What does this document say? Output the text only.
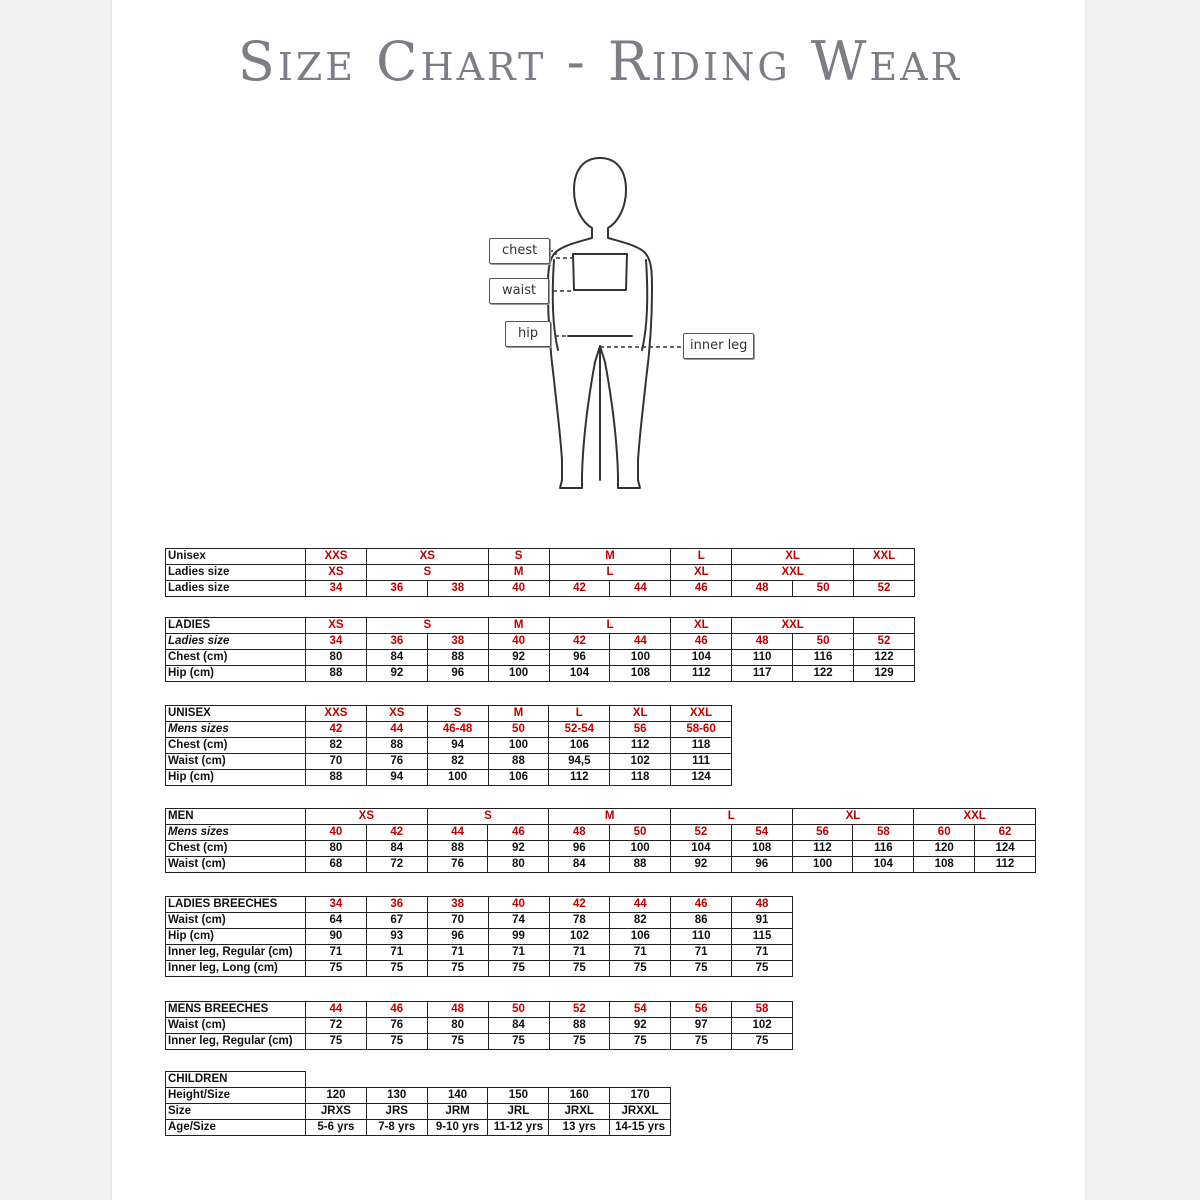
Size Chart - Riding Wear
chest
waist
hip
inner leg
Unisex	XXS	XS		S	M		L	XL		XXL
Ladies size	XS	S		M	L		XL	XXL		
Ladies size	34	36	38	40	42	44	46	48	50	52
LADIES	XS	S		M	L		XL	XXL		
Ladies size	34	36	38	40	42	44	46	48	50	52
Chest (cm)	80	84	88	92	96	100	104	110	116	122
Hip (cm)	88	92	96	100	104	108	112	117	122	129
UNISEX	XXS	XS	S	M	L	XL	XXL
Mens sizes	42	44	46-48	50	52-54	56	58-60
Chest (cm)	82	88	94	100	106	112	118
Waist (cm)	70	76	82	88	94,5	102	111
Hip (cm)	88	94	100	106	112	118	124
MEN	XS		S		M		L		XL		XXL	
Mens sizes	40	42	44	46	48	50	52	54	56	58	60	62
Chest (cm)	80	84	88	92	96	100	104	108	112	116	120	124
Waist (cm)	68	72	76	80	84	88	92	96	100	104	108	112
LADIES BREECHES	34	36	38	40	42	44	46	48
Waist (cm)	64	67	70	74	78	82	86	91
Hip (cm)	90	93	96	99	102	106	110	115
Inner leg, Regular (cm)	71	71	71	71	71	71	71	71
Inner leg, Long (cm)	75	75	75	75	75	75	75	75
MENS BREECHES	44	46	48	50	52	54	56	58
Waist (cm)	72	76	80	84	88	92	97	102
Inner leg, Regular (cm)	75	75	75	75	75	75	75	75
CHILDREN						
Height/Size	120	130	140	150	160	170
Size	JRXS	JRS	JRM	JRL	JRXL	JRXXL
Age/Size	5-6 yrs	7-8 yrs	9-10 yrs	11-12 yrs	13 yrs	14-15 yrs
